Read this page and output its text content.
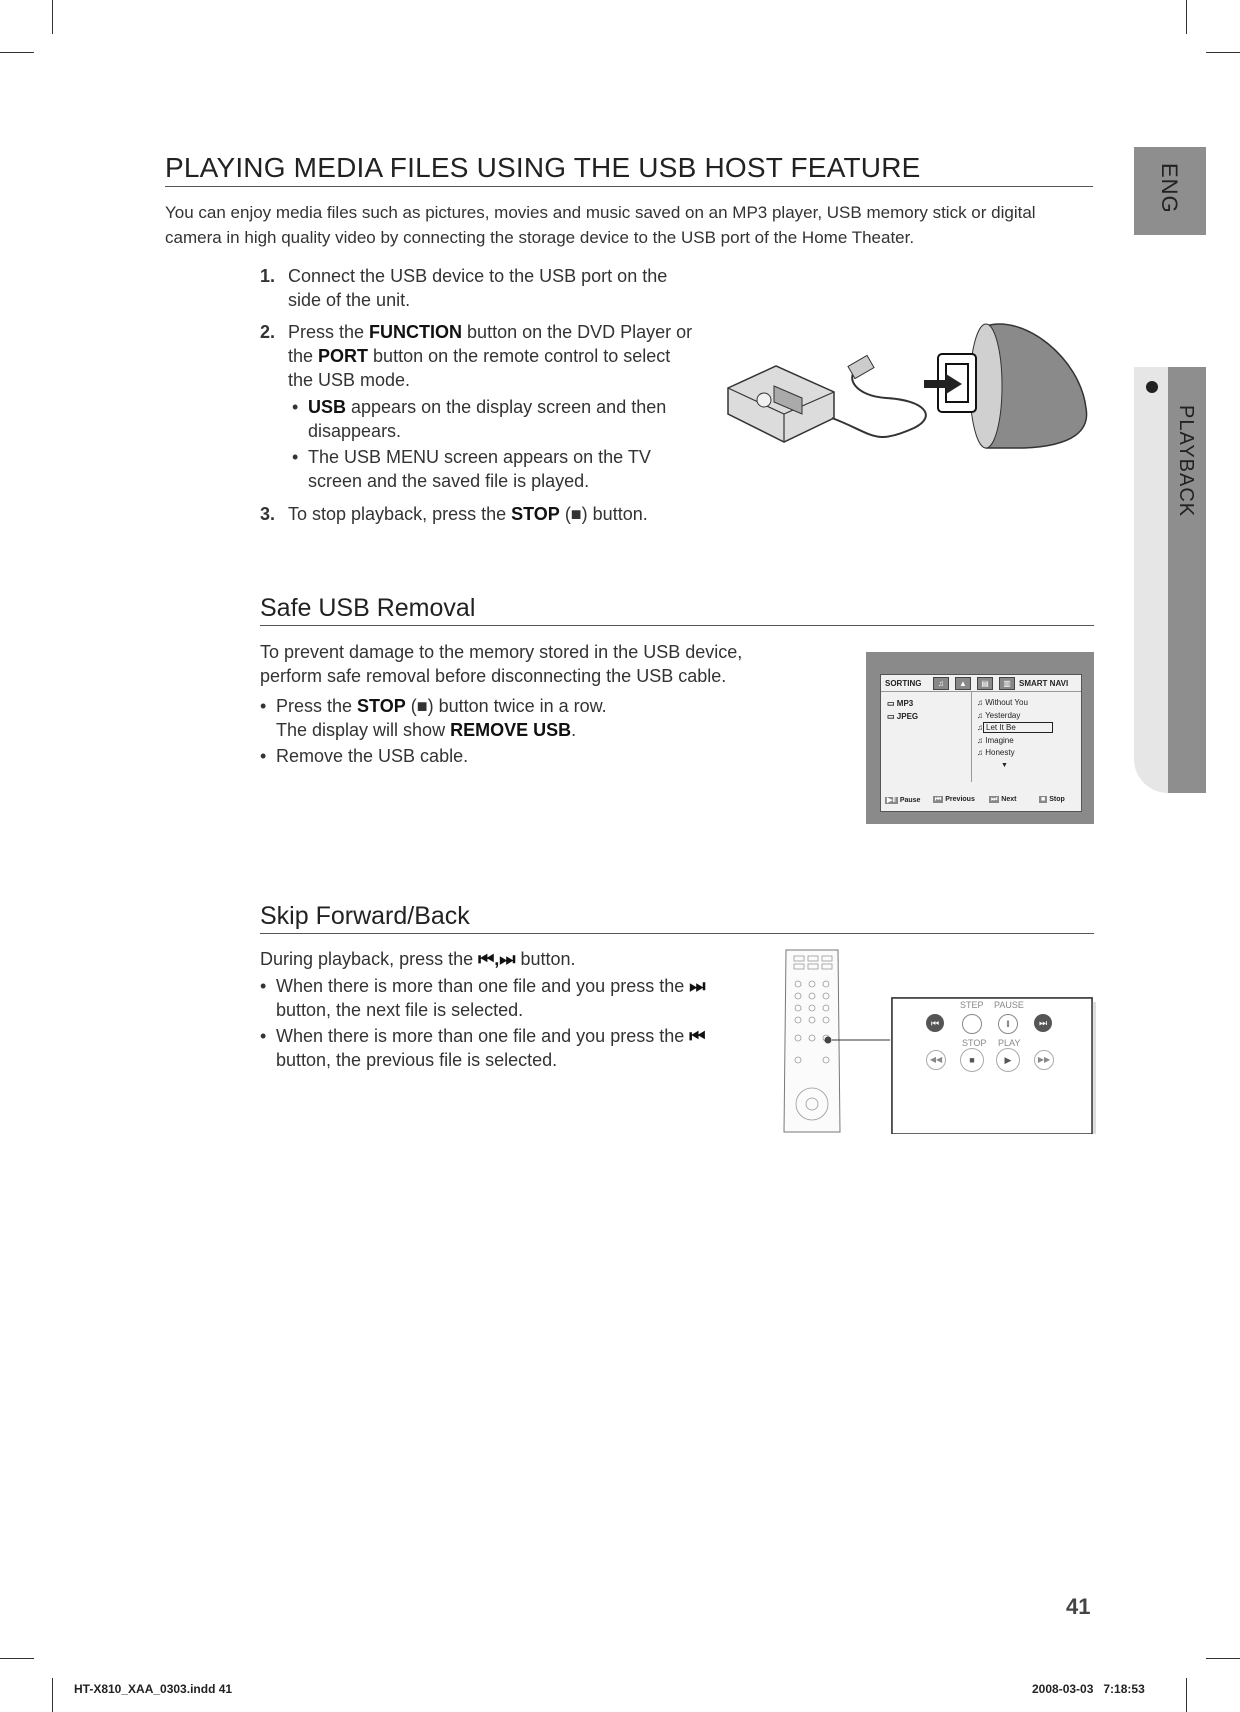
ENG
PLAYBACK
PLAYING MEDIA FILES USING THE USB HOST FEATURE
You can enjoy media files such as pictures, movies and music saved on an MP3 player, USB memory stick or digital camera in high quality video by connecting the storage device to the USB port of the Home Theater.
1. Connect the USB device to the USB port on the
side of the unit.
2. Press the FUNCTION button on the DVD Player or
the PORT button on the remote control to select
the USB mode.
• USB appears on the display screen and then
disappears.
• The USB MENU screen appears on the TV
screen and the saved file is played.
3. To stop playback, press the STOP (■) button.
Safe USB Removal
To prevent damage to the memory stored in the USB device,
perform safe removal before disconnecting the USB cable.
• Press the STOP (■) button twice in a row.
The display will show REMOVE USB.
• Remove the USB cable.
SORTING	♫	▲	▤	▥	SMART NAVI
▭ MP3
▭ JPEG
♫ Without You
♫ Yesterday
♫ Let It Be
♫ Imagine
♫ Honesty
▼
▶‖ Pause ⏮ Previous ⏭ Next	■ Stop
Skip Forward/Back
During playback, press the ⏮,⏭ button.
• When there is more than one file and you press the ⏭
button, the next file is selected.
• When there is more than one file and you press the ⏮
button, the previous file is selected.
STEP PAUSE
⏮	‖	⏭
STOP PLAY
◀◀	■	▶	▶▶
41
HT-X810_XAA_0303.indd 41	2008-03-03   7:18:53
